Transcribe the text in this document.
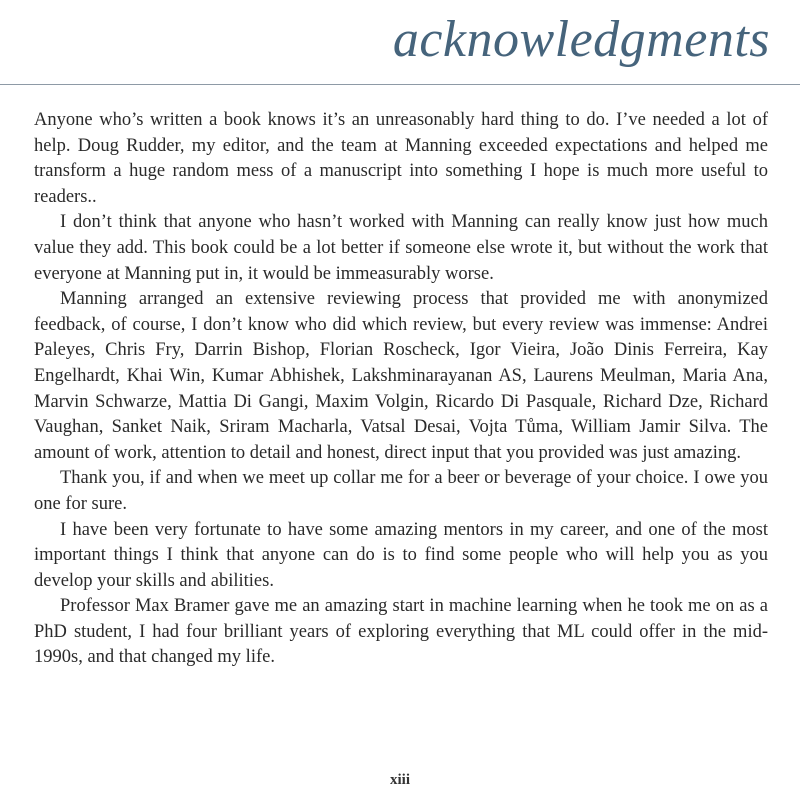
acknowledgments

Anyone who’s written a book knows it’s an unreasonably hard thing to do. I’ve needed a lot of help. Doug Rudder, my editor, and the team at Manning exceeded expectations and helped me transform a huge random mess of a manuscript into something I hope is much more useful to readers..

I don’t think that anyone who hasn’t worked with Manning can really know just how much value they add. This book could be a lot better if someone else wrote it, but without the work that everyone at Manning put in, it would be immeasurably worse.

Manning arranged an extensive reviewing process that provided me with anonymized feedback, of course, I don’t know who did which review, but every review was immense: Andrei Paleyes, Chris Fry, Darrin Bishop, Florian Roscheck, Igor Vieira, João Dinis Ferreira, Kay Engelhardt, Khai Win, Kumar Abhishek, Lakshminarayanan AS, Laurens Meulman, Maria Ana, Marvin Schwarze, Mattia Di Gangi, Maxim Volgin, Ricardo Di Pasquale, Richard Dze, Richard Vaughan, Sanket Naik, Sriram Macharla, Vatsal Desai, Vojta Tůma, William Jamir Silva. The amount of work, attention to detail and honest, direct input that you provided was just amazing.

Thank you, if and when we meet up collar me for a beer or beverage of your choice. I owe you one for sure.

I have been very fortunate to have some amazing mentors in my career, and one of the most important things I think that anyone can do is to find some people who will help you as you develop your skills and abilities.

Professor Max Bramer gave me an amazing start in machine learning when he took me on as a PhD student, I had four brilliant years of exploring everything that ML could offer in the mid-1990s, and that changed my life.

xiii
